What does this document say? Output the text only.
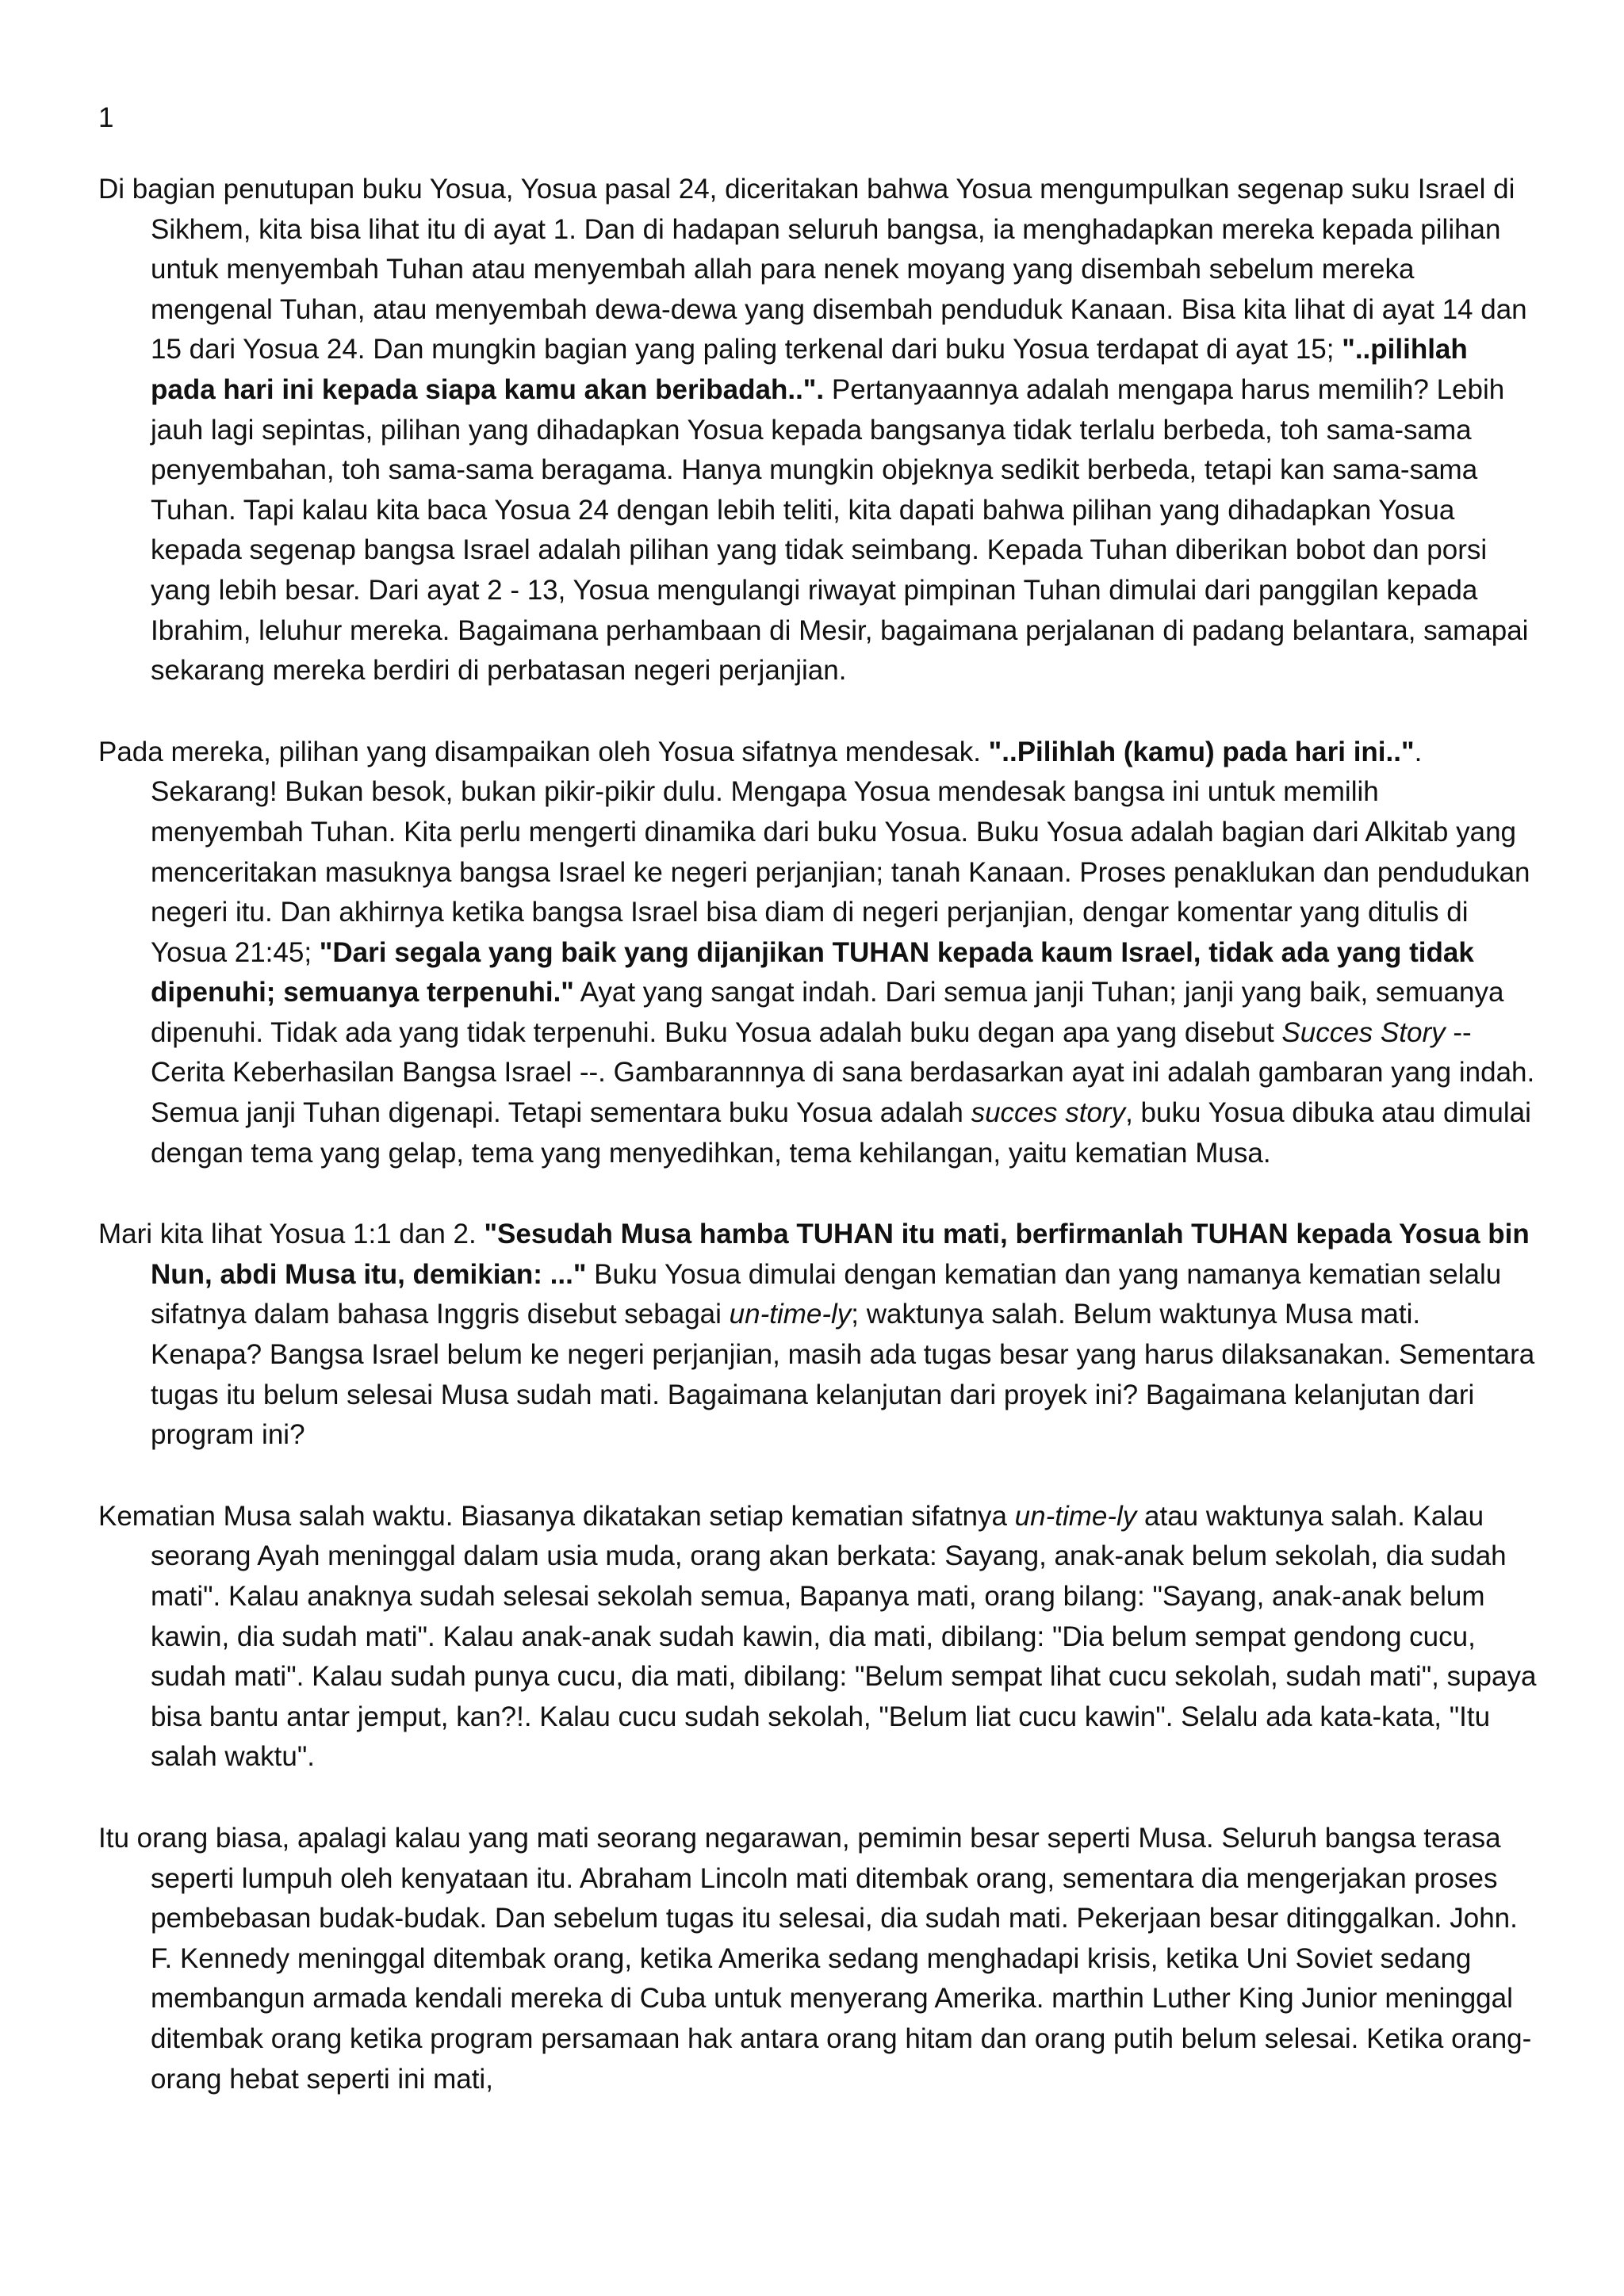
1

Di bagian penutupan buku Yosua, Yosua pasal 24, diceritakan bahwa Yosua mengumpulkan segenap suku Israel di Sikhem, kita bisa lihat itu di ayat 1. Dan di hadapan seluruh bangsa, ia menghadapkan mereka kepada pilihan untuk menyembah Tuhan atau menyembah allah para nenek moyang yang disembah sebelum mereka mengenal Tuhan, atau menyembah dewa-dewa yang disembah penduduk Kanaan. Bisa kita lihat di ayat 14 dan 15 dari Yosua 24. Dan mungkin bagian yang paling terkenal dari buku Yosua terdapat di ayat 15; "..pilihlah pada hari ini kepada siapa kamu akan beribadah..". Pertanyaannya adalah mengapa harus memilih? Lebih jauh lagi sepintas, pilihan yang dihadapkan Yosua kepada bangsanya tidak terlalu berbeda, toh sama-sama penyembahan, toh sama-sama beragama. Hanya mungkin objeknya sedikit berbeda, tetapi kan sama-sama Tuhan. Tapi kalau kita baca Yosua 24 dengan lebih teliti, kita dapati bahwa pilihan yang dihadapkan Yosua kepada segenap bangsa Israel adalah pilihan yang tidak seimbang. Kepada Tuhan diberikan bobot dan porsi yang lebih besar. Dari ayat 2 - 13, Yosua mengulangi riwayat pimpinan Tuhan dimulai dari panggilan kepada Ibrahim, leluhur mereka. Bagaimana perhambaan di Mesir, bagaimana perjalanan di padang belantara, samapai sekarang mereka berdiri di perbatasan negeri perjanjian.

Pada mereka, pilihan yang disampaikan oleh Yosua sifatnya mendesak. "..Pilihlah (kamu) pada hari ini..". Sekarang! Bukan besok, bukan pikir-pikir dulu. Mengapa Yosua mendesak bangsa ini untuk memilih menyembah Tuhan. Kita perlu mengerti dinamika dari buku Yosua. Buku Yosua adalah bagian dari Alkitab yang menceritakan masuknya bangsa Israel ke negeri perjanjian; tanah Kanaan. Proses penaklukan dan pendudukan negeri itu. Dan akhirnya ketika bangsa Israel bisa diam di negeri perjanjian, dengar komentar yang ditulis di Yosua 21:45; "Dari segala yang baik yang dijanjikan TUHAN kepada kaum Israel, tidak ada yang tidak dipenuhi; semuanya terpenuhi." Ayat yang sangat indah. Dari semua janji Tuhan; janji yang baik, semuanya dipenuhi. Tidak ada yang tidak terpenuhi. Buku Yosua adalah buku degan apa yang disebut Succes Story -- Cerita Keberhasilan Bangsa Israel --. Gambarannnya di sana berdasarkan ayat ini adalah gambaran yang indah. Semua janji Tuhan digenapi. Tetapi sementara buku Yosua adalah succes story, buku Yosua dibuka atau dimulai dengan tema yang gelap, tema yang menyedihkan, tema kehilangan, yaitu kematian Musa.

Mari kita lihat Yosua 1:1 dan 2. "Sesudah Musa hamba TUHAN itu mati, berfirmanlah TUHAN kepada Yosua bin Nun, abdi Musa itu, demikian: ..." Buku Yosua dimulai dengan kematian dan yang namanya kematian selalu sifatnya dalam bahasa Inggris disebut sebagai un-time-ly; waktunya salah. Belum waktunya Musa mati. Kenapa? Bangsa Israel belum ke negeri perjanjian, masih ada tugas besar yang harus dilaksanakan. Sementara tugas itu belum selesai Musa sudah mati. Bagaimana kelanjutan dari proyek ini? Bagaimana kelanjutan dari program ini?

Kematian Musa salah waktu. Biasanya dikatakan setiap kematian sifatnya un-time-ly atau waktunya salah. Kalau seorang Ayah meninggal dalam usia muda, orang akan berkata: Sayang, anak-anak belum sekolah, dia sudah mati". Kalau anaknya sudah selesai sekolah semua, Bapanya mati, orang bilang: "Sayang, anak-anak belum kawin, dia sudah mati". Kalau anak-anak sudah kawin, dia mati, dibilang: "Dia belum sempat gendong cucu, sudah mati". Kalau sudah punya cucu, dia mati, dibilang: "Belum sempat lihat cucu sekolah, sudah mati", supaya bisa bantu antar jemput, kan?!. Kalau cucu sudah sekolah, "Belum liat cucu kawin". Selalu ada kata-kata, "Itu salah waktu".

Itu orang biasa, apalagi kalau yang mati seorang negarawan, pemimin besar seperti Musa. Seluruh bangsa terasa seperti lumpuh oleh kenyataan itu. Abraham Lincoln mati ditembak orang, sementara dia mengerjakan proses pembebasan budak-budak. Dan sebelum tugas itu selesai, dia sudah mati. Pekerjaan besar ditinggalkan. John. F. Kennedy meninggal ditembak orang, ketika Amerika sedang menghadapi krisis, ketika Uni Soviet sedang membangun armada kendali mereka di Cuba untuk menyerang Amerika. marthin Luther King Junior meninggal ditembak orang ketika program persamaan hak antara orang hitam dan orang putih belum selesai. Ketika orang-orang hebat seperti ini mati,
